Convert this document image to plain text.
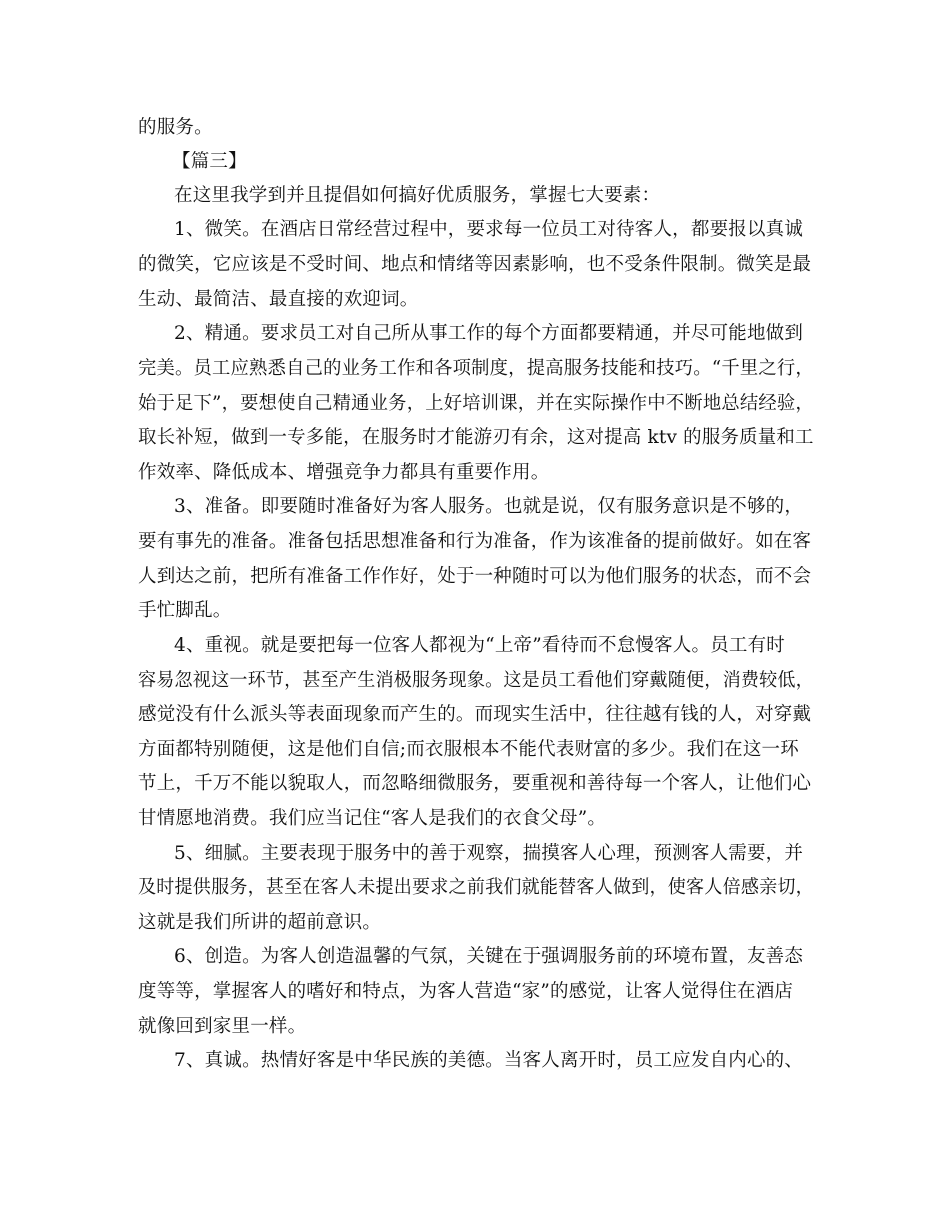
的服务。
【篇三】
在这里我学到并且提倡如何搞好优质服务，掌握七大要素：
1、微笑。在酒店日常经营过程中，要求每一位员工对待客人，都要报以真诚
的微笑，它应该是不受时间、地点和情绪等因素影响，也不受条件限制。微笑是最
生动、最简洁、最直接的欢迎词。
2、精通。要求员工对自己所从事工作的每个方面都要精通，并尽可能地做到
完美。员工应熟悉自己的业务工作和各项制度，提高服务技能和技巧。“千里之行，
始于足下”，要想使自己精通业务，上好培训课，并在实际操作中不断地总结经验，
取长补短，做到一专多能，在服务时才能游刃有余，这对提高 ktv 的服务质量和工
作效率、降低成本、增强竞争力都具有重要作用。
3、准备。即要随时准备好为客人服务。也就是说，仅有服务意识是不够的，
要有事先的准备。准备包括思想准备和行为准备，作为该准备的提前做好。如在客
人到达之前，把所有准备工作作好，处于一种随时可以为他们服务的状态，而不会
手忙脚乱。
4、重视。就是要把每一位客人都视为“上帝”看待而不怠慢客人。员工有时
容易忽视这一环节，甚至产生消极服务现象。这是员工看他们穿戴随便，消费较低，
感觉没有什么派头等表面现象而产生的。而现实生活中，往往越有钱的人，对穿戴
方面都特别随便，这是他们自信;而衣服根本不能代表财富的多少。我们在这一环
节上，千万不能以貌取人，而忽略细微服务，要重视和善待每一个客人，让他们心
甘情愿地消费。我们应当记住“客人是我们的衣食父母”。
5、细腻。主要表现于服务中的善于观察，揣摸客人心理，预测客人需要，并
及时提供服务，甚至在客人未提出要求之前我们就能替客人做到，使客人倍感亲切，
这就是我们所讲的超前意识。
6、创造。为客人创造温馨的气氛，关键在于强调服务前的环境布置，友善态
度等等，掌握客人的嗜好和特点，为客人营造“家”的感觉，让客人觉得住在酒店
就像回到家里一样。
7、真诚。热情好客是中华民族的美德。当客人离开时，员工应发自内心的、
